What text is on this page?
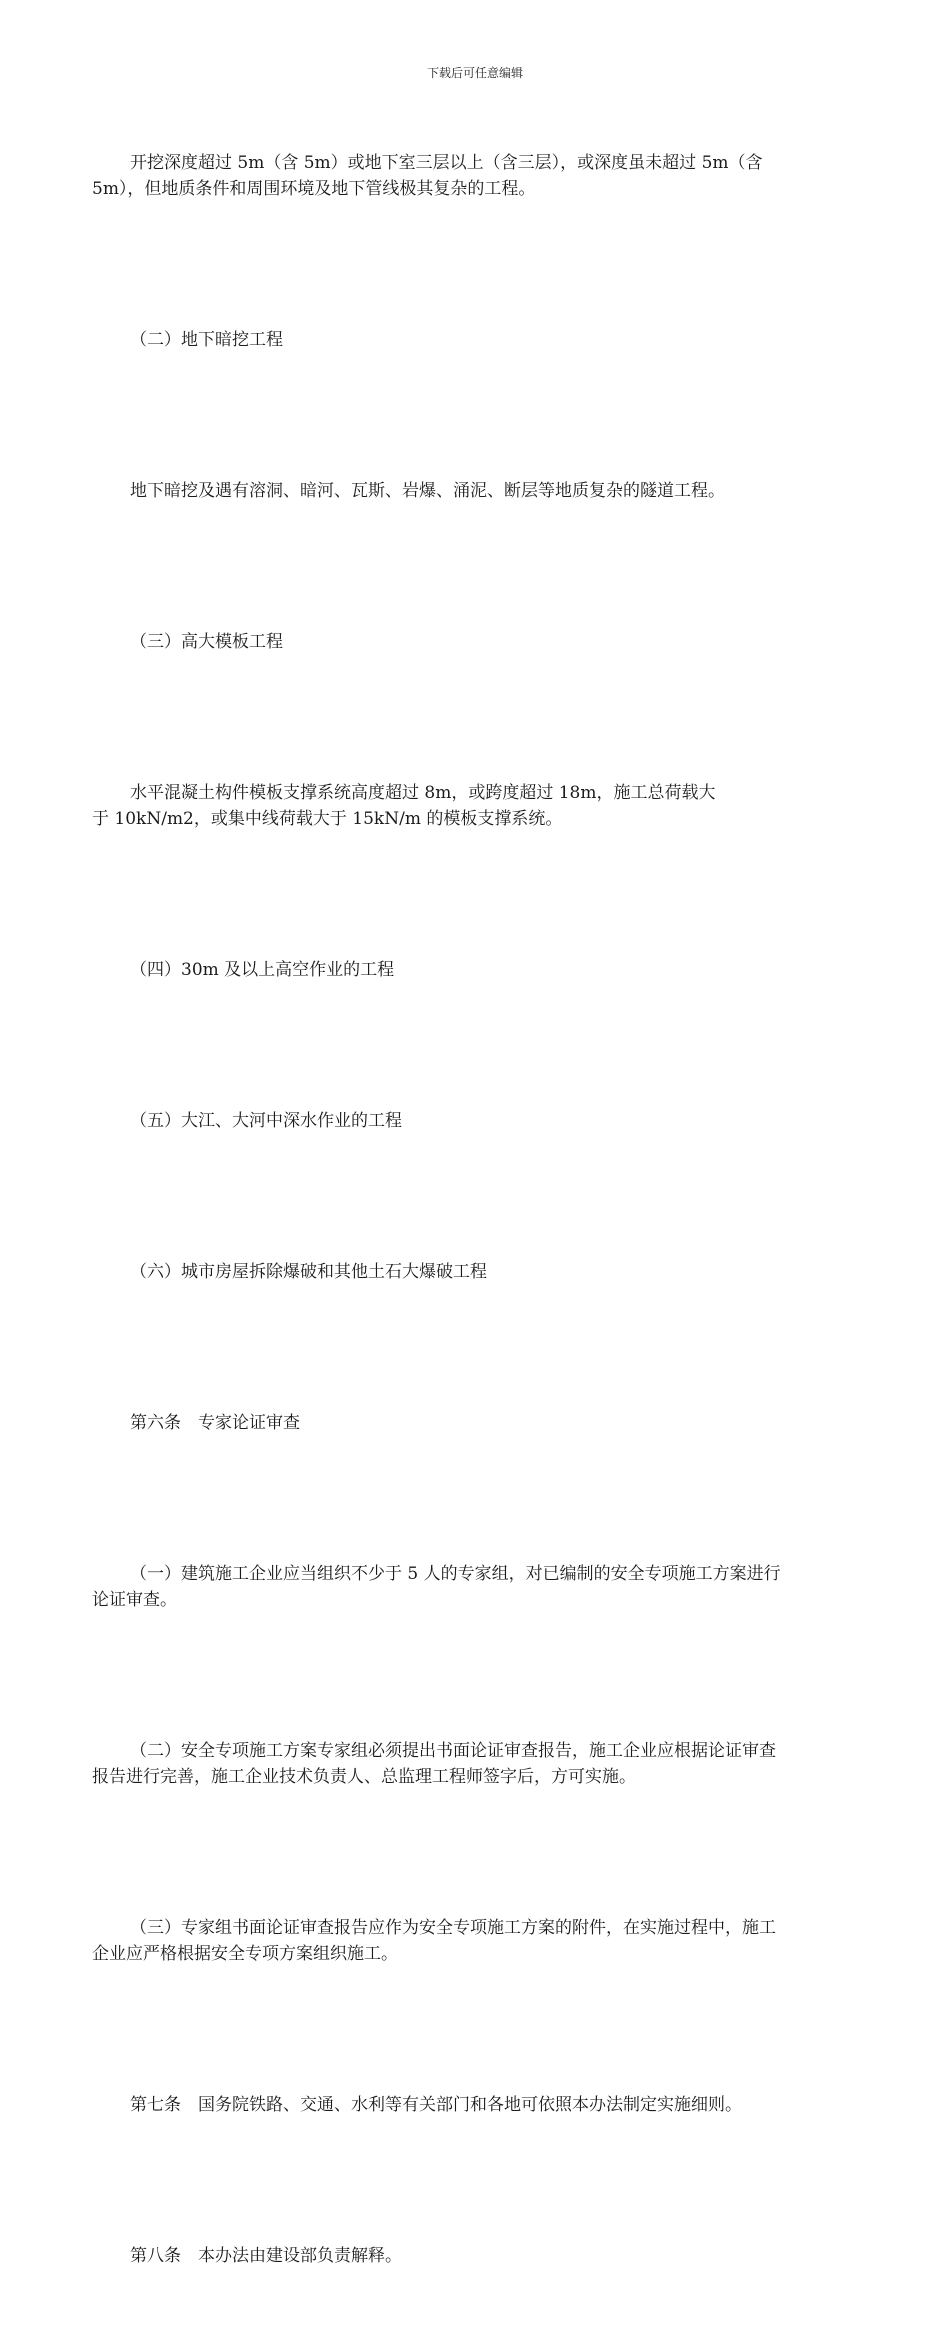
下载后可任意编辑

开挖深度超过 5m（含 5m）或地下室三层以上（含三层），或深度虽未超过 5m（含
5m），但地质条件和周围环境及地下管线极其复杂的工程。

（二）地下暗挖工程

地下暗挖及遇有溶洞、暗河、瓦斯、岩爆、涌泥、断层等地质复杂的隧道工程。

（三）高大模板工程

水平混凝土构件模板支撑系统高度超过 8m，或跨度超过 18m，施工总荷载大
于 10kN/m2，或集中线荷载大于 15kN/m 的模板支撑系统。

（四）30m 及以上高空作业的工程

（五）大江、大河中深水作业的工程

（六）城市房屋拆除爆破和其他土石大爆破工程

第六条　专家论证审查

（一）建筑施工企业应当组织不少于 5 人的专家组，对已编制的安全专项施工方案进行
论证审查。

（二）安全专项施工方案专家组必须提出书面论证审查报告，施工企业应根据论证审查
报告进行完善，施工企业技术负责人、总监理工程师签字后，方可实施。

（三）专家组书面论证审查报告应作为安全专项施工方案的附件，在实施过程中，施工
企业应严格根据安全专项方案组织施工。

第七条　国务院铁路、交通、水利等有关部门和各地可依照本办法制定实施细则。

第八条　本办法由建设部负责解释。
